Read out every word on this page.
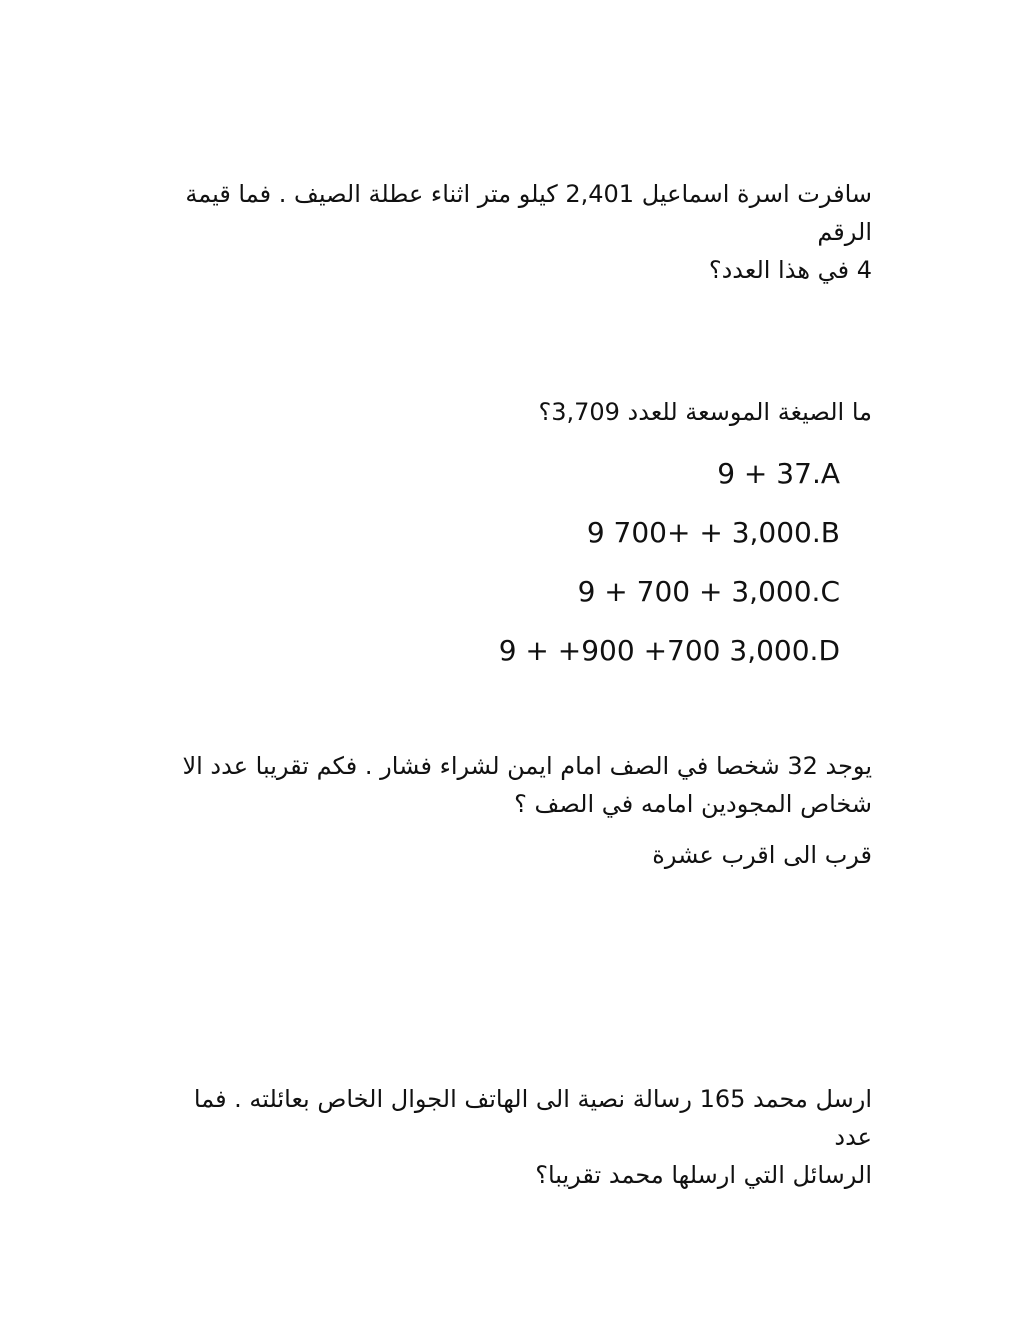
سافرت اسرة اسماعيل 2,401 كيلو متر اثناء عطلة الصيف . فما قيمة الرقم

4 في هذا العدد؟

ما الصيغة الموسعة للعدد 3,709؟

9 + 37.A
9 700+ + 3,000.B
9 + 700 + 3,000.C
9 + +900 +700 3,000.D

يوجد 32 شخصا في الصف امام ايمن لشراء فشار . فكم تقريبا عدد الا

شخاص المجودين امامه في الصف ؟

قرب الى اقرب عشرة

ارسل محمد 165 رسالة نصية الى الهاتف الجوال الخاص بعائلته . فما عدد

الرسائل التي ارسلها محمد تقريبا؟
